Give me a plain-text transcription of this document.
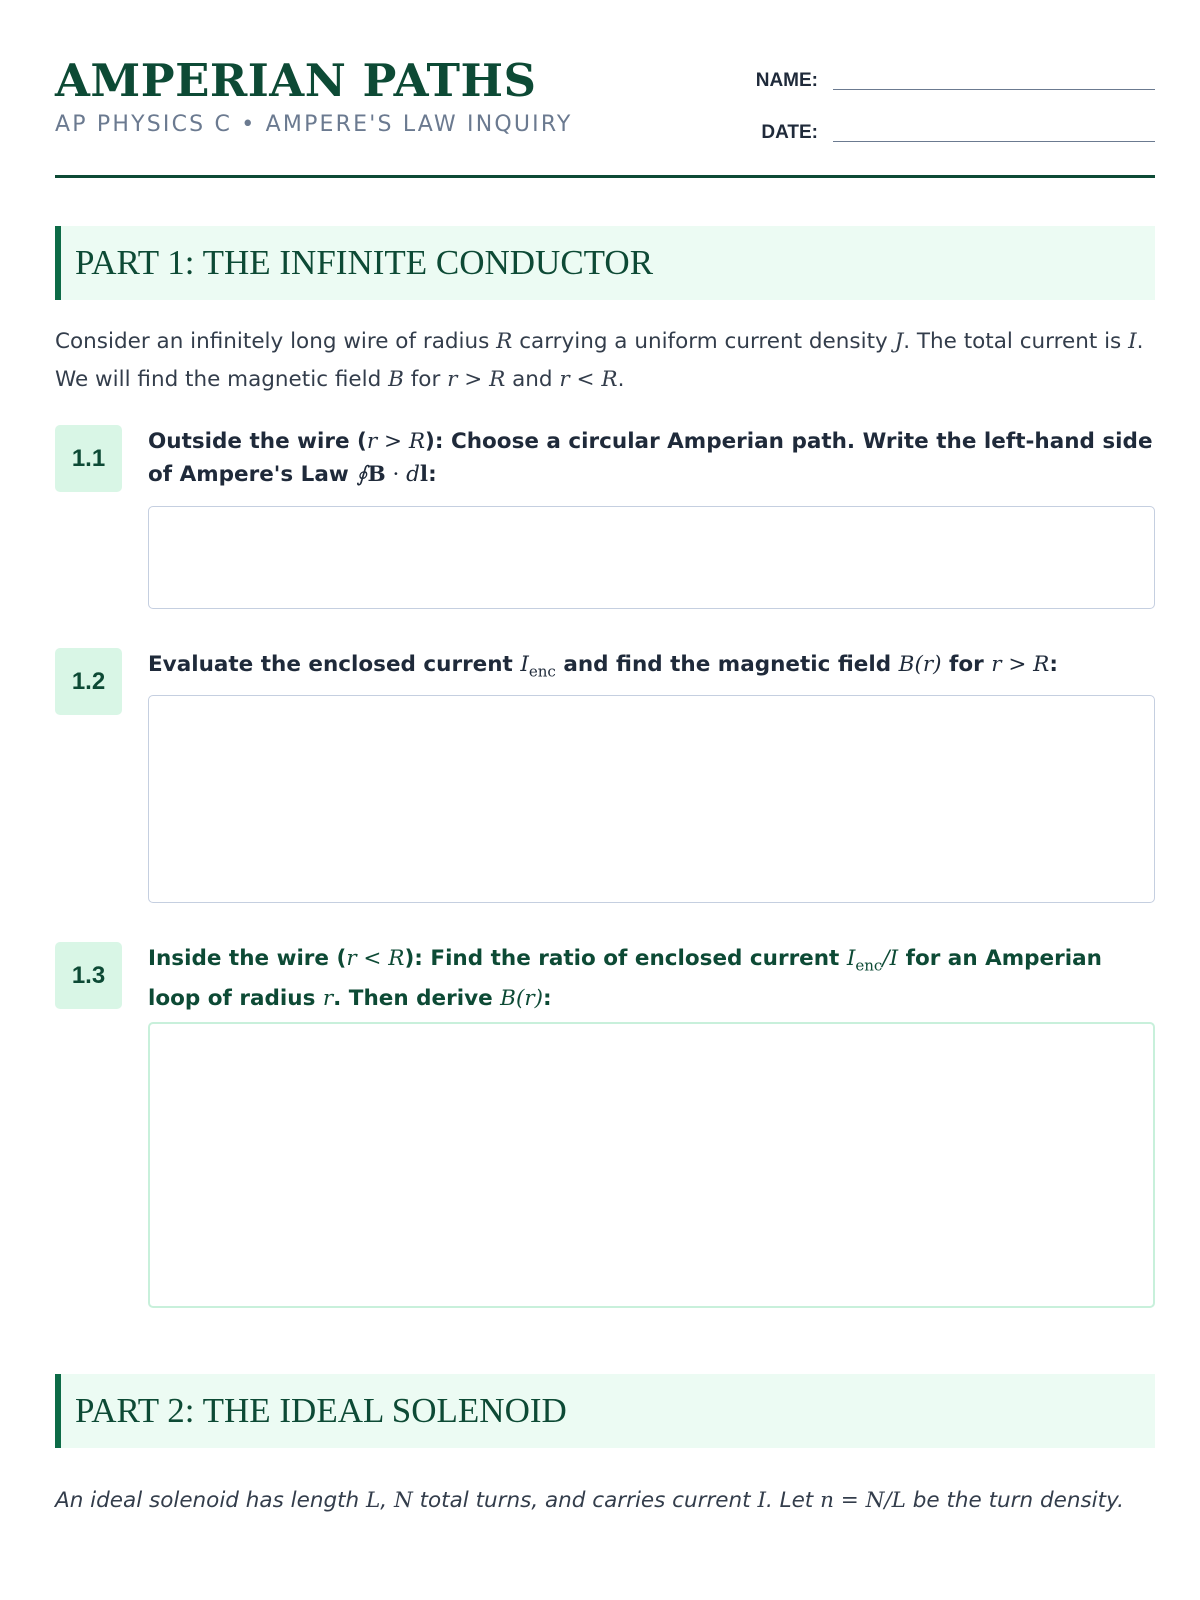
AMPERIAN PATHS
AP PHYSICS C • AMPERE'S LAW INQUIRY
NAME:
DATE:
PART 1: THE INFINITE CONDUCTOR
Consider an infinitely long wire of radius R carrying a uniform current density J. The total current is I. We will find the magnetic field B for r > R and r < R.
1.1
Outside the wire (r > R): Choose a circular Amperian path. Write the left-hand side of Ampere's Law ∮B · dl:
1.2
Evaluate the enclosed current $I_{enc}$ and find the magnetic field B(r) for r > R:
1.3
Inside the wire (r < R): Find the ratio of enclosed current $I_{enc}/I$ for an Amperian loop of radius r. Then derive B(r):
PART 2: THE IDEAL SOLENOID
An ideal solenoid has length L, N total turns, and carries current I. Let n = N/L be the turn density.
